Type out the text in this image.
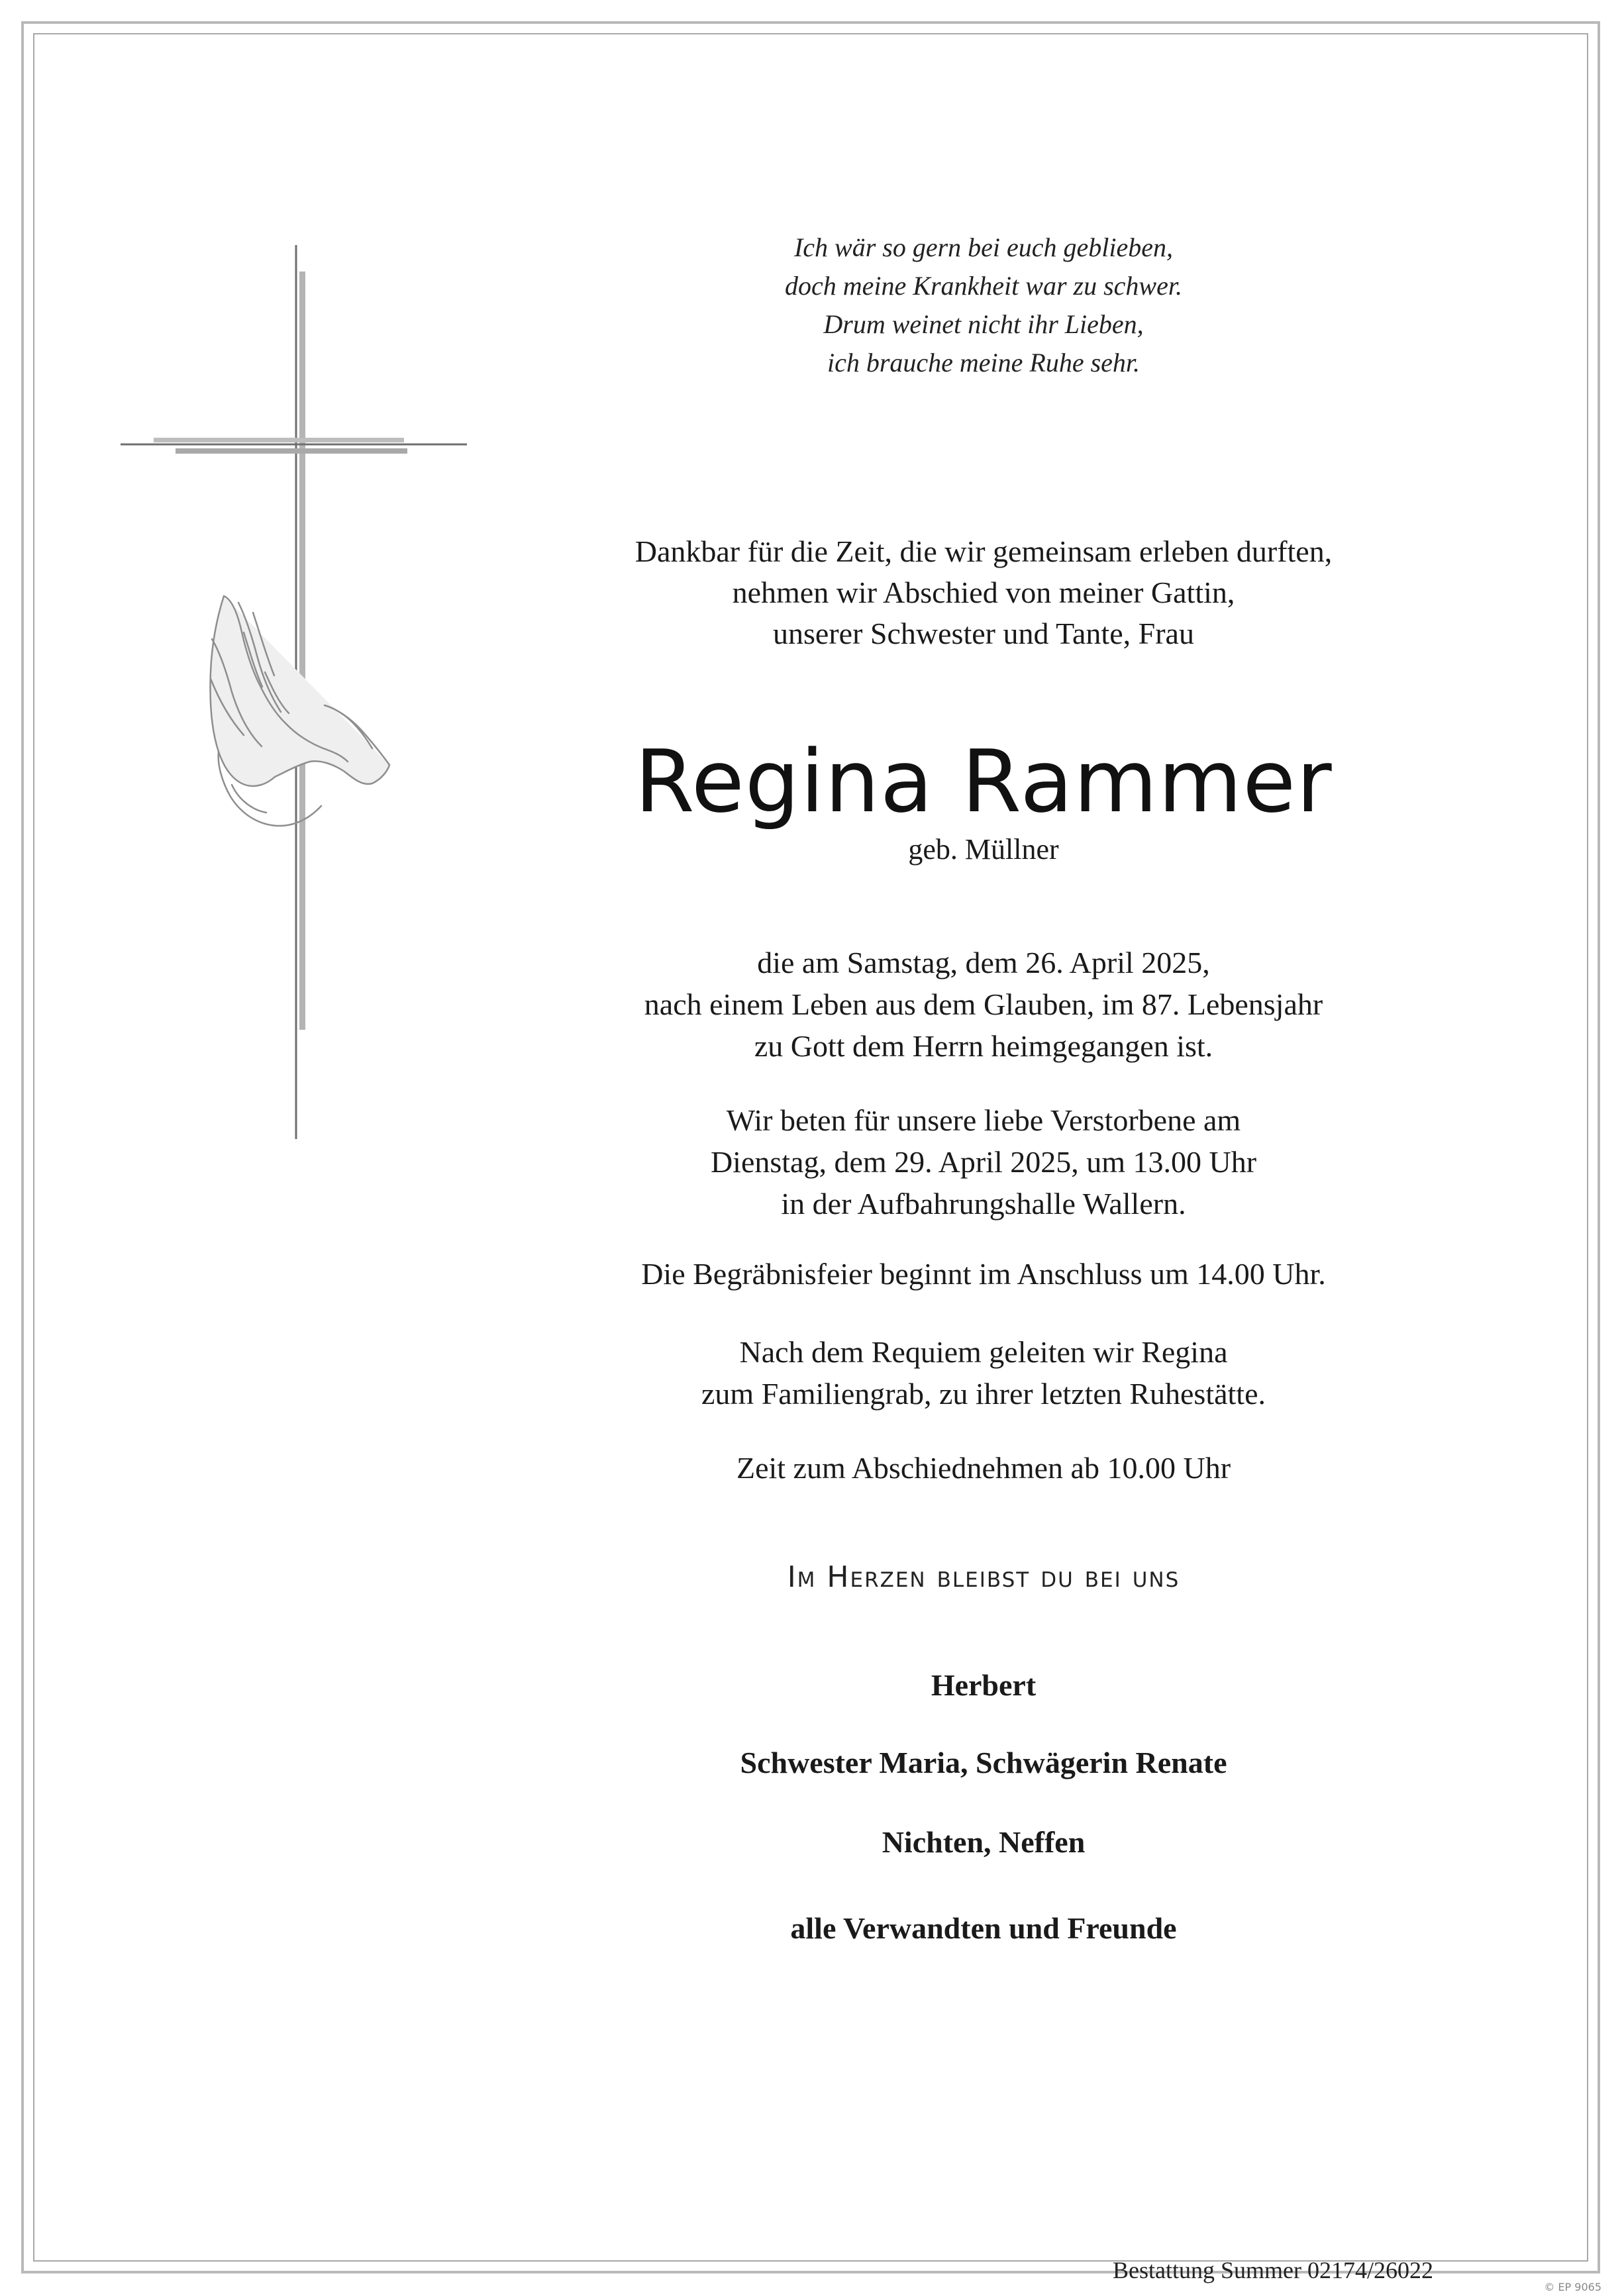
Ich wär so gern bei euch geblieben,
doch meine Krankheit war zu schwer.
Drum weinet nicht ihr Lieben,
ich brauche meine Ruhe sehr.
Dankbar für die Zeit, die wir gemeinsam erleben durften,
nehmen wir Abschied von meiner Gattin,
unserer Schwester und Tante, Frau
Regina Rammer
geb. Müllner
die am Samstag, dem 26. April 2025,
nach einem Leben aus dem Glauben, im 87. Lebensjahr
zu Gott dem Herrn heimgegangen ist.
Wir beten für unsere liebe Verstorbene am
Dienstag, dem 29. April 2025, um 13.00 Uhr
in der Aufbahrungshalle Wallern.
Die Begräbnisfeier beginnt im Anschluss um 14.00 Uhr.
Nach dem Requiem geleiten wir Regina
zum Familiengrab, zu ihrer letzten Ruhestätte.
Zeit zum Abschiednehmen ab 10.00 Uhr
Im Herzen bleibst du bei uns
Herbert
Schwester Maria, Schwägerin Renate
Nichten, Neffen
alle Verwandten und Freunde
Bestattung Summer 02174/26022
© EP 9065
